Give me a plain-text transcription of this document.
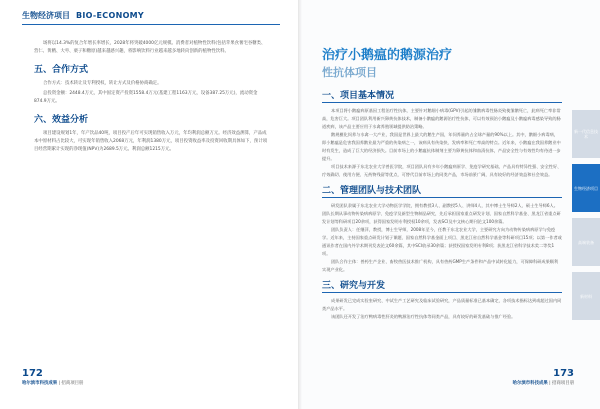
生物经济项目 BIO-ECONOMY

场将以14.3%的复合年增长率增长，2028年将突破4000亿元规模。消费者对植物性饮料(包括苹果食薯宅谷糖类、营仁、黄精、大枣、栗子和糖原)越来越感兴趣，将影响饮料行业越来越多地转向创新的植物性饮料。

五、合作方式

合作方式：技术转让及专利授权，转让方式及价格协商确定。

总投资金额：2448.4万元，其中固定资产投资1558.4万元(基建工程1163万元，设备387.25万元)，流动资金874.9万元。

六、效益分析

项目建设规划1年，年产饮品40吨，项目投产后年可实现销售收入万元，年均利润总额万元。经济效益测算，产品成本中原材料占比较大，可实现年销售收入2068万元，年利润1380万元，项目投资收益率及投资回收期具体如下，预计项目经营期累计实现的净现值(NPV)为2689.5万元。利润总额1215万元。

172
哈尔滨市科技成果 | 招商项目册
治疗小鹅瘟的鹅源治疗
性抗体项目
一、项目基本情况

本项目将小鹅瘟病原基因工程治疗性抗体，主要针对鹅细小病毒(GPV)引起的雏鹅病毒性肠炎致使雏鹅死亡，此病死亡率非常高，危害巨大。项目团队利用新兴卵黄抗体技术，制备小鹅瘟的鹅源治疗性抗体，可以有效预治小鹅瘟及小鹅瘟病毒感染导致的肠道疾病，该产品主要应用于水禽养殖领域提供防治策略。

鹅规模化饲养与水禽一大产业，我国是世界上最大的鹅生产国，年饲养量约占全球产量的90%以上。其中，鹅细小病毒病，即小鹅瘟是危害我国养鹅业最为严重的传染病之一，该病具有传染快、发病率和死亡率高的特点。近年来，小鹅瘟在我国养鹅业中时有发生，造成了巨大的经济损失。目前市场上的小鹅瘟抗体制剂主要为卵黄抗体和血清抗体，产品安全性与有效性均有待进一步提升。

项目技术来源于东北农业大学兽医学院，项目团队具有多年小鹅瘟病原学、免疫学研究基础，产品具有特异性强、安全性好、疗效确切、使用方便、无药物残留等优点，可替代目前市场上的同类产品，市场前景广阔，具有较好的经济效益和社会效益。

二、管理团队与技术团队

研发团队隶属于东北农业大学动物医学学院，拥有教授3人、副教授5人、讲师4人，其中博士生导师2人、硕士生导师6人。团队长期从事动物传染病病原学、免疫学及新型生物制品研究，先后承担国家重点研发计划、国家自然科学基金、黑龙江省重点研发计划等科研项目20余项，获得国家发明专利授权10余项，发表SCI及中文核心期刊论文100余篇。

团队负责人：任继萍，教授，博士生导师，2008年至今，任教于东北农业大学，主要研究方向为动物传染病病原学与免疫学。近年来，主持国家重点研发计划子课题、国家自然科学基金面上项目、黑龙江省自然科学基金等科研项目15项；以第一作者或通讯作者在国内外学术期刊发表论文60余篇，其中SCI收录30余篇；获授权国家发明专利8项；获黑龙江省科学技术奖二等奖1项。

团队合作主体：兽药生产企业、畜牧兽医技术推广机构，具有兽药GMP生产条件和产品中试转化能力，可保障科研成果顺利实现产业化。

三、研究与开发

成果研发已完成实验室研究、中试生产工艺研究及临床试验研究，产品质量标准已基本确定，各项技术指标达到或超过国内同类产品水平。

该团队还开发了治疗鸭病毒性肝炎的鸭源治疗性抗体等同类产品，具有较好的研发基础与推广经验。

新一代信息技术
生物经济项目
高端装备
新材料
173
哈尔滨市科技成果 | 招商项目册
